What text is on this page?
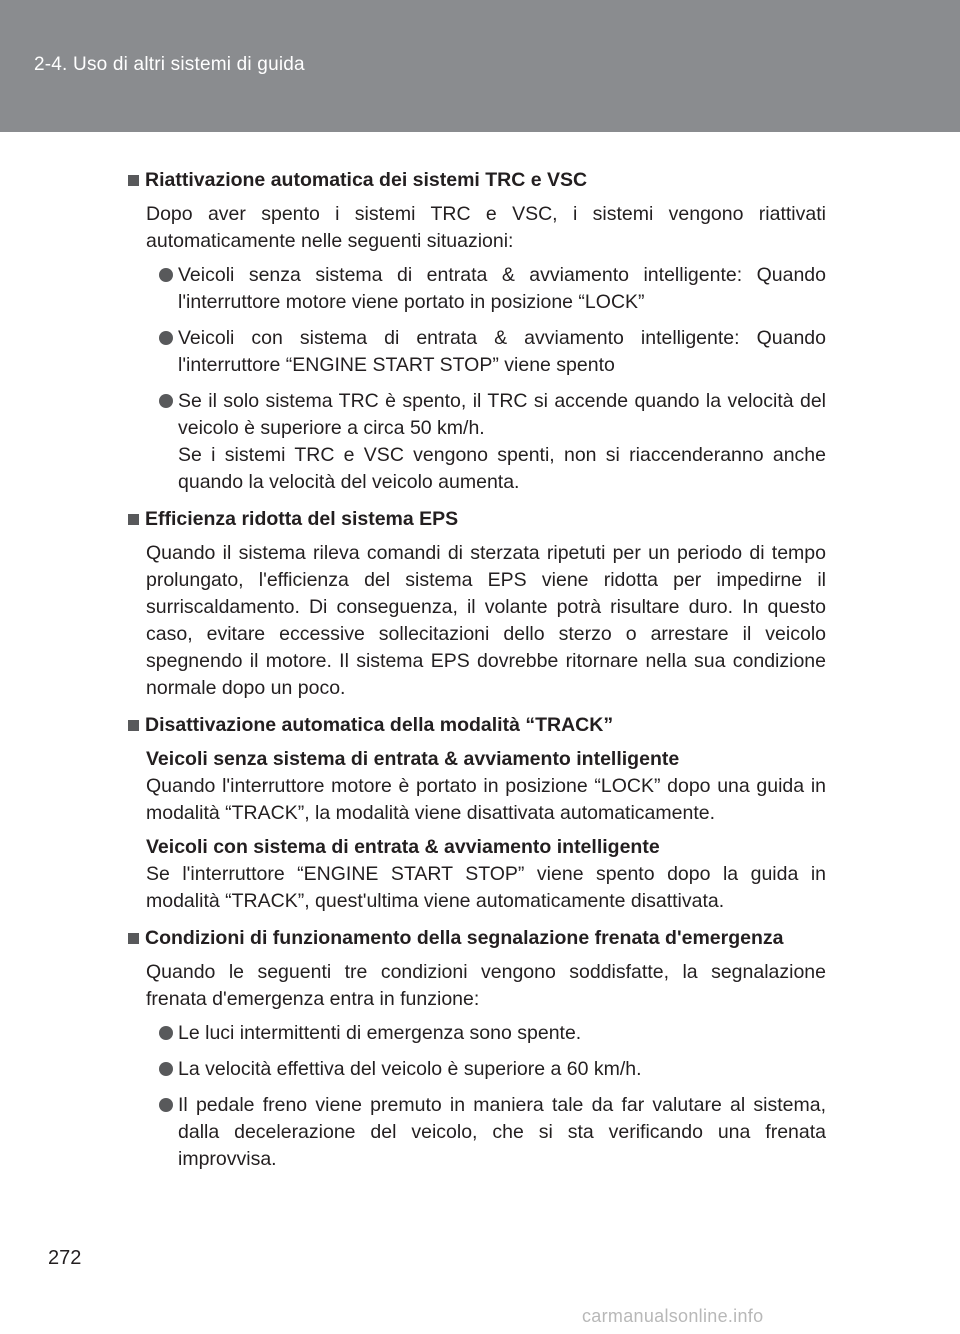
2-4. Uso di altri sistemi di guida
Riattivazione automatica dei sistemi TRC e VSC
Dopo aver spento i sistemi TRC e VSC, i sistemi vengono riattivati automaticamente nelle seguenti situazioni:
Veicoli senza sistema di entrata & avviamento intelligente: Quando l'interruttore motore viene portato in posizione “LOCK”
Veicoli con sistema di entrata & avviamento intelligente: Quando l'interruttore “ENGINE START STOP” viene spento
Se il solo sistema TRC è spento, il TRC si accende quando la velocità del veicolo è superiore a circa 50 km/h.
Se i sistemi TRC e VSC vengono spenti, non si riaccenderanno anche quando la velocità del veicolo aumenta.
Efficienza ridotta del sistema EPS
Quando il sistema rileva comandi di sterzata ripetuti per un periodo di tempo prolungato, l'efficienza del sistema EPS viene ridotta per impedirne il surriscaldamento. Di conseguenza, il volante potrà risultare duro. In questo caso, evitare eccessive sollecitazioni dello sterzo o arrestare il veicolo spegnendo il motore. Il sistema EPS dovrebbe ritornare nella sua condizione normale dopo un poco.
Disattivazione automatica della modalità “TRACK”
Veicoli senza sistema di entrata & avviamento intelligente
Quando l'interruttore motore è portato in posizione “LOCK” dopo una guida in modalità “TRACK”, la modalità viene disattivata automaticamente.
Veicoli con sistema di entrata & avviamento intelligente
Se l'interruttore “ENGINE START STOP” viene spento dopo la guida in modalità “TRACK”, quest'ultima viene automaticamente disattivata.
Condizioni di funzionamento della segnalazione frenata d'emergenza
Quando le seguenti tre condizioni vengono soddisfatte, la segnalazione frenata d'emergenza entra in funzione:
Le luci intermittenti di emergenza sono spente.
La velocità effettiva del veicolo è superiore a 60 km/h.
Il pedale freno viene premuto in maniera tale da far valutare al sistema, dalla decelerazione del veicolo, che si sta verificando una frenata improvvisa.
272
carmanualsonline.info
